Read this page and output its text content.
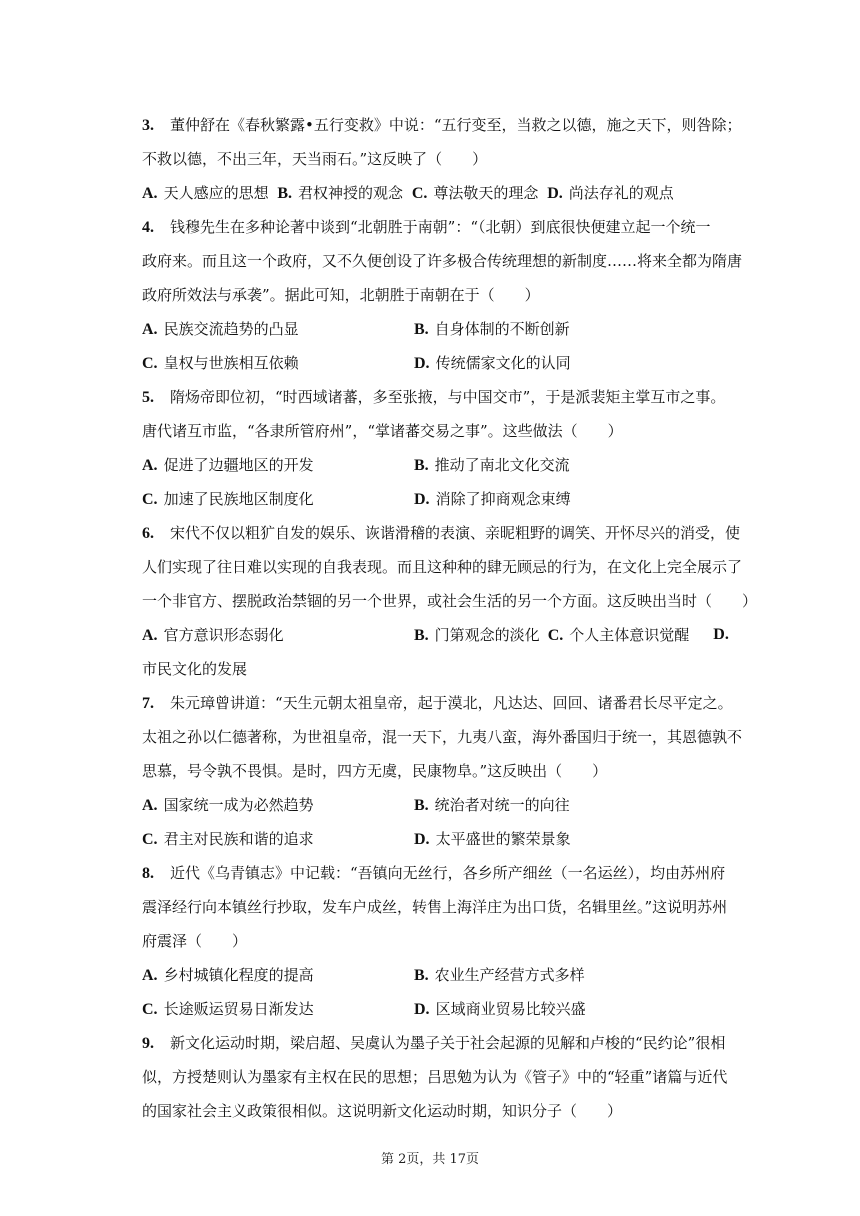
3. 董仲舒在《春秋繁露•五行变救》中说：“五行变至，当救之以德，施之天下，则咎除；
不救以德，不出三年，天当雨石。”这反映了（　　）
A. 天人感应的思想
B. 君权神授的观念
C. 尊法敬天的理念
D. 尚法存礼的观点
4. 钱穆先生在多种论著中谈到“北朝胜于南朝”：“（北朝）到底很快便建立起一个统一
政府来。而且这一个政府，又不久便创设了许多极合传统理想的新制度……将来全都为隋唐
政府所效法与承袭”。据此可知，北朝胜于南朝在于（　　）
A. 民族交流趋势的凸显	B. 自身体制的不断创新
C. 皇权与世族相互依赖	D. 传统儒家文化的认同
5. 隋炀帝即位初，“时西域诸蕃，多至张掖，与中国交市”，于是派裴矩主掌互市之事。
唐代诸互市监，“各隶所管府州”，“掌诸蕃交易之事”。这些做法（　　）
A. 促进了边疆地区的开发	B. 推动了南北文化交流
C. 加速了民族地区制度化	D. 消除了抑商观念束缚
6. 宋代不仅以粗犷自发的娱乐、诙谐滑稽的表演、亲昵粗野的调笑、开怀尽兴的消受，使
人们实现了往日难以实现的自我表现。而且这种种的肆无顾忌的行为，在文化上完全展示了
一个非官方、摆脱政治禁锢的另一个世界，或社会生活的另一个方面。这反映出当时（　　）
A. 官方意识形态弱化	B. 门第观念的淡化 C. 个人主体意识觉醒 D.
市民文化的发展
7. 朱元璋曾讲道：“天生元朝太祖皇帝，起于漠北，凡达达、回回、诸番君长尽平定之。
太祖之孙以仁德著称，为世祖皇帝，混一天下，九夷八蛮，海外番国归于统一，其恩德孰不
思慕，号令孰不畏惧。是时，四方无虞，民康物阜。”这反映出（　　）
A. 国家统一成为必然趋势	B. 统治者对统一的向往
C. 君主对民族和谐的追求	D. 太平盛世的繁荣景象
8. 近代《乌青镇志》中记载：“吾镇向无丝行，各乡所产细丝（一名运丝），均由苏州府
震泽经行向本镇丝行抄取，发车户成丝，转售上海洋庄为出口货，名辑里丝。”这说明苏州
府震泽（　　）
A. 乡村城镇化程度的提高	B. 农业生产经营方式多样
C. 长途贩运贸易日渐发达	D. 区域商业贸易比较兴盛
9. 新文化运动时期，梁启超、吴虞认为墨子关于社会起源的见解和卢梭的“民约论”很相
似，方授楚则认为墨家有主权在民的思想；吕思勉为认为《管子》中的“轻重”诸篇与近代
的国家社会主义政策很相似。这说明新文化运动时期，知识分子（　　）
第 2页，共 17页
